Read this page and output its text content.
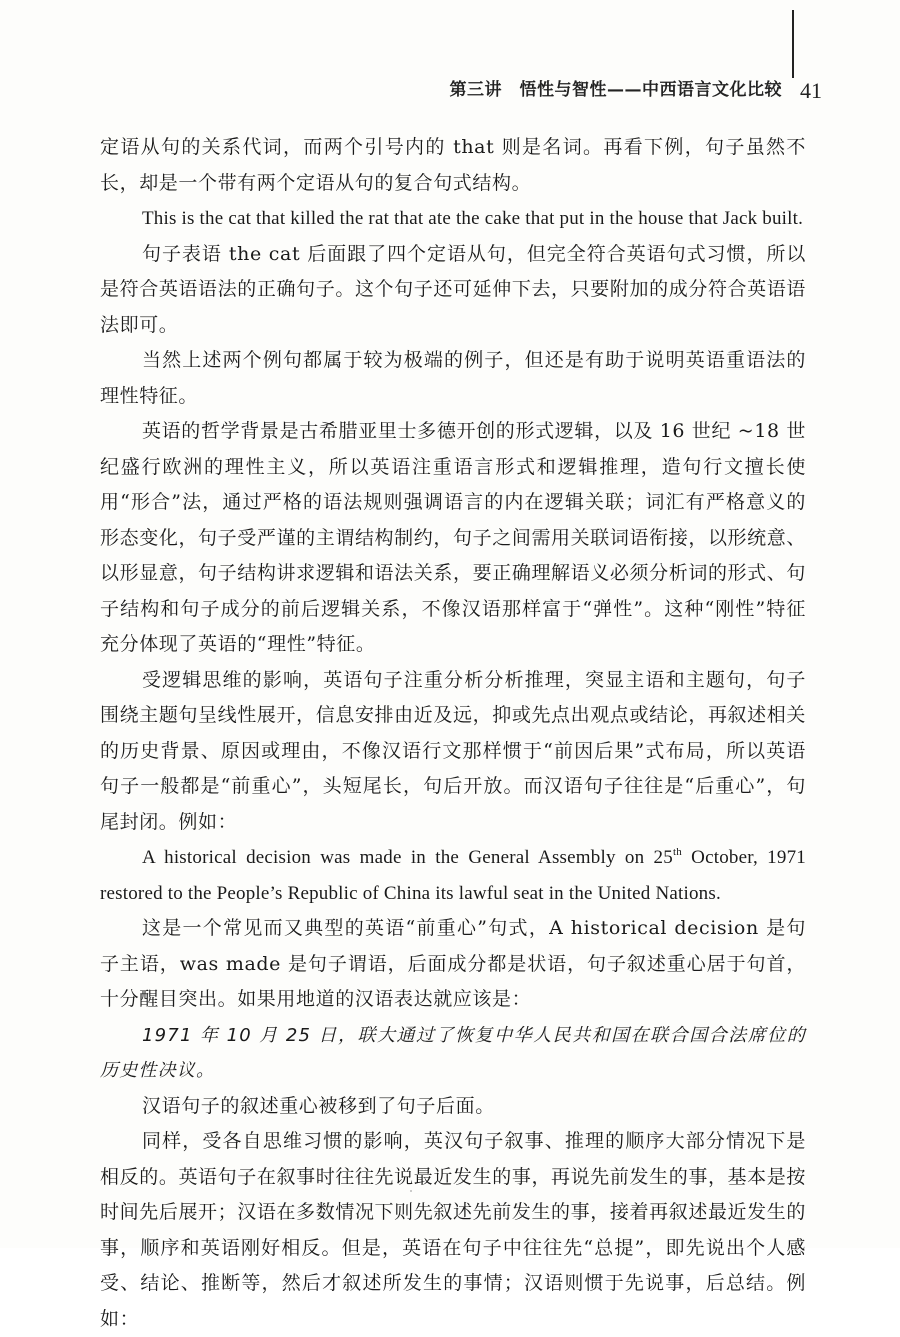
第三讲　悟性与智性——中西语言文化比较 41

定语从句的关系代词，而两个引号内的 that 则是名词。再看下例，句子虽然不长，却是一个带有两个定语从句的复合句式结构。

This is the cat that killed the rat that ate the cake that put in the house that Jack built.

句子表语 the cat 后面跟了四个定语从句，但完全符合英语句式习惯，所以是符合英语语法的正确句子。这个句子还可延伸下去，只要附加的成分符合英语语法即可。

当然上述两个例句都属于较为极端的例子，但还是有助于说明英语重语法的理性特征。

英语的哲学背景是古希腊亚里士多德开创的形式逻辑，以及 16 世纪 ~18 世纪盛行欧洲的理性主义，所以英语注重语言形式和逻辑推理，造句行文擅长使用“形合”法，通过严格的语法规则强调语言的内在逻辑关联；词汇有严格意义的形态变化，句子受严谨的主谓结构制约，句子之间需用关联词语衔接，以形统意、以形显意，句子结构讲求逻辑和语法关系，要正确理解语义必须分析词的形式、句子结构和句子成分的前后逻辑关系，不像汉语那样富于“弹性”。这种“刚性”特征充分体现了英语的“理性”特征。

受逻辑思维的影响，英语句子注重分析分析推理，突显主语和主题句，句子围绕主题句呈线性展开，信息安排由近及远，抑或先点出观点或结论，再叙述相关的历史背景、原因或理由，不像汉语行文那样惯于“前因后果”式布局，所以英语句子一般都是“前重心”，头短尾长，句后开放。而汉语句子往往是“后重心”，句尾封闭。例如：

A historical decision was made in the General Assembly on 25th October, 1971 restored to the People’s Republic of China its lawful seat in the United Nations.

这是一个常见而又典型的英语“前重心”句式，A historical decision 是句子主语，was made 是句子谓语，后面成分都是状语，句子叙述重心居于句首，十分醒目突出。如果用地道的汉语表达就应该是：

1971 年 10 月 25 日，联大通过了恢复中华人民共和国在联合国合法席位的历史性决议。

汉语句子的叙述重心被移到了句子后面。

同样，受各自思维习惯的影响，英汉句子叙事、推理的顺序大部分情况下是相反的。英语句子在叙事时往往先说最近发生的事，再说先前发生的事，基本是按时间先后展开；汉语在多数情况下则先叙述先前发生的事，接着再叙述最近发生的事，顺序和英语刚好相反。但是，英语在句子中往往先“总提”，即先说出个人感受、结论、推断等，然后才叙述所发生的事情；汉语则惯于先说事，后总结。例如：
